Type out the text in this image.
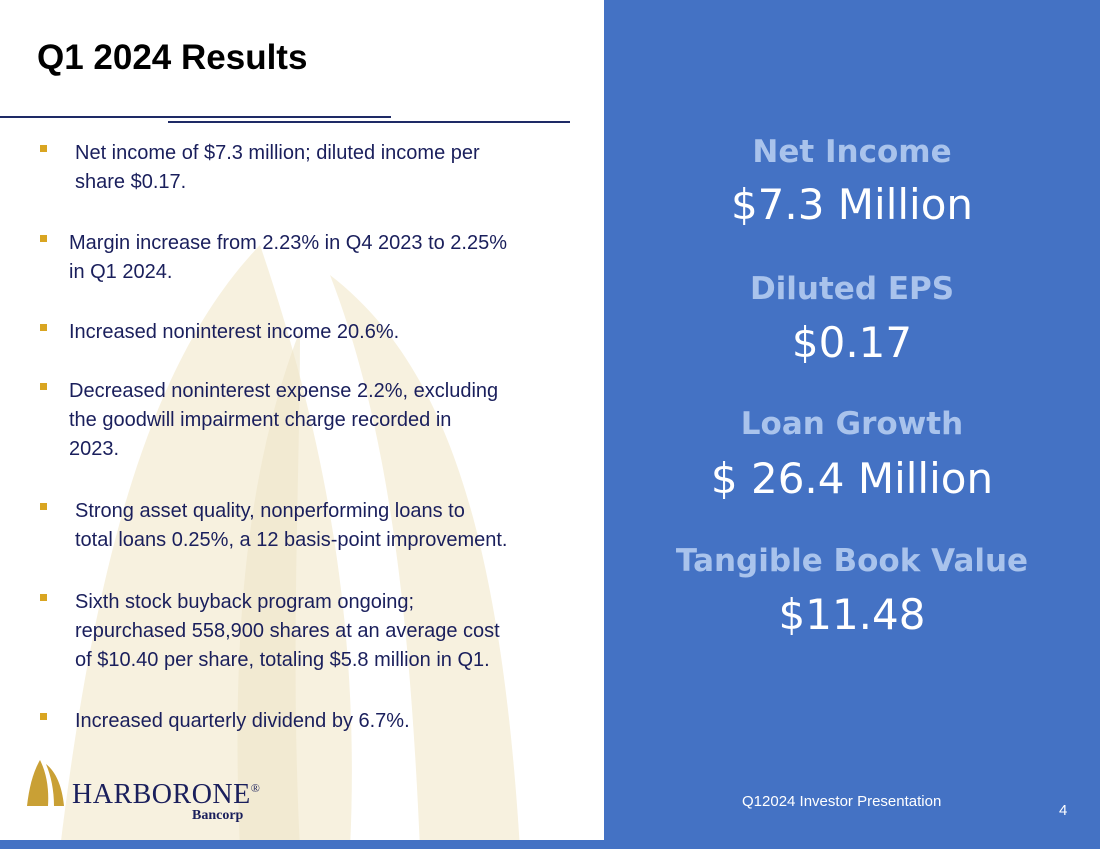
Q1 2024 Results
Net income of $7.3 million; diluted income per
share $0.17.
Margin increase from 2.23% in Q4 2023 to 2.25%
in Q1 2024.
Increased noninterest income 20.6%.
Decreased noninterest expense 2.2%, excluding
the goodwill impairment charge recorded in
2023.
Strong asset quality, nonperforming loans to
total loans 0.25%, a 12 basis-point improvement.
Sixth stock buyback program ongoing;
repurchased 558,900 shares at an average cost
of $10.40 per share, totaling $5.8 million in Q1.
Increased quarterly dividend by 6.7%.
HARBORONE®
Bancorp
Q12024 Investor Presentation
4
Net Income
$7.3 Million
Diluted EPS
$0.17
Loan Growth
$ 26.4 Million
Tangible Book Value
$11.48
